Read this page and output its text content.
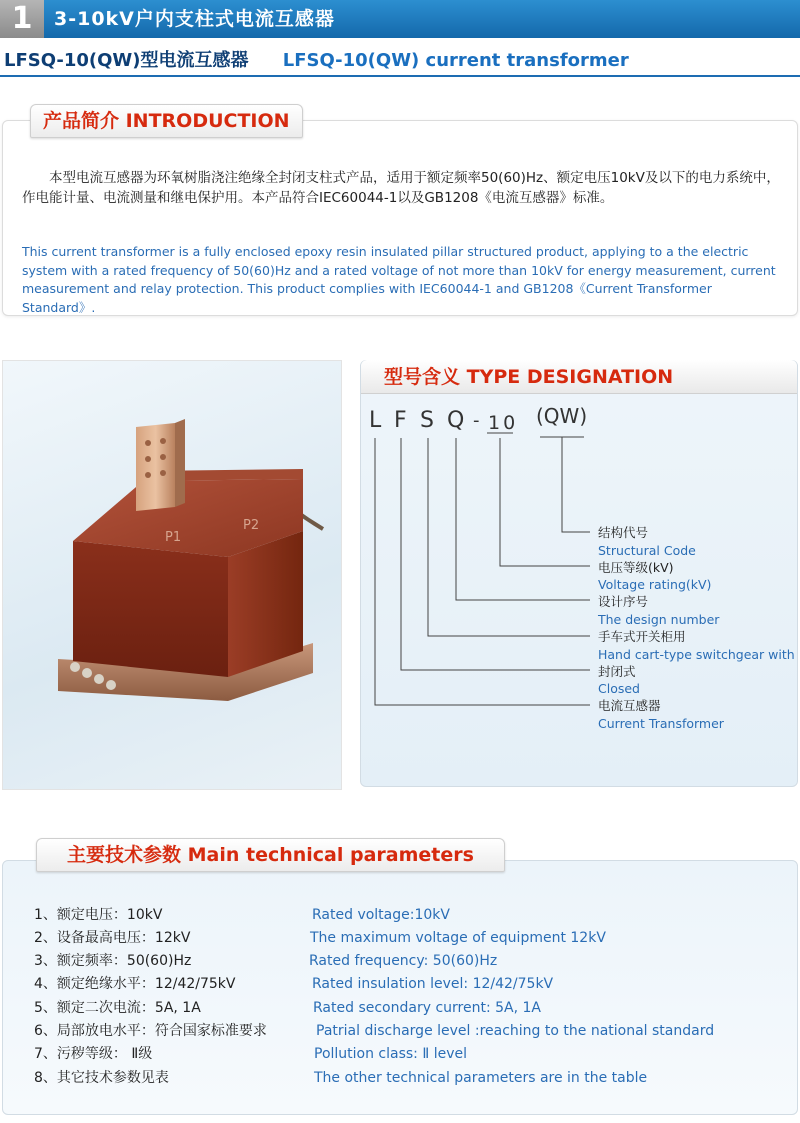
1	3-10kV户内支柱式电流互感器
LFSQ-10(QW)型电流互感器 LFSQ-10(QW) current transformer
产品简介 INTRODUCTION

本型电流互感器为环氧树脂浇注绝缘全封闭支柱式产品，适用于额定频率50(60)Hz、额定电压10kV及以下的电力系统中，作电能计量、电流测量和继电保护用。本产品符合IEC60044-1以及GB1208《电流互感器》标准。

This current transformer is a fully enclosed epoxy resin insulated pillar structured product, applying to a the electric system with a rated frequency of 50(60)Hz and a rated voltage of not more than 10kV for energy measurement, current measurement and relay protection. This product complies with IEC60044-1 and GB1208《Current Transformer Standard》.

P1
P2
型号含义 TYPE DESIGNATION
L F S Q - 10 (QW)
结构代号
Structural Code
电压等级(kV)
Voltage rating(kV)
设计序号
The design number
手车式开关柜用
Hand cart-type switchgear with
封闭式
Closed
电流互感器
Current Transformer
主要技术参数 Main technical parameters
1、额定电压：10kV	Rated voltage:10kV
2、设备最高电压：12kV	The maximum voltage of equipment 12kV
3、额定频率：50(60)Hz	Rated frequency: 50(60)Hz
4、额定绝缘水平：12/42/75kV	Rated insulation level: 12/42/75kV
5、额定二次电流：5A, 1A	Rated secondary current: 5A, 1A
6、局部放电水平：符合国家标准要求	Patrial discharge level :reaching to the national standard
7、污秽等级： Ⅱ级	Pollution class: Ⅱ level
8、其它技术参数见表	The other technical parameters are in the table
